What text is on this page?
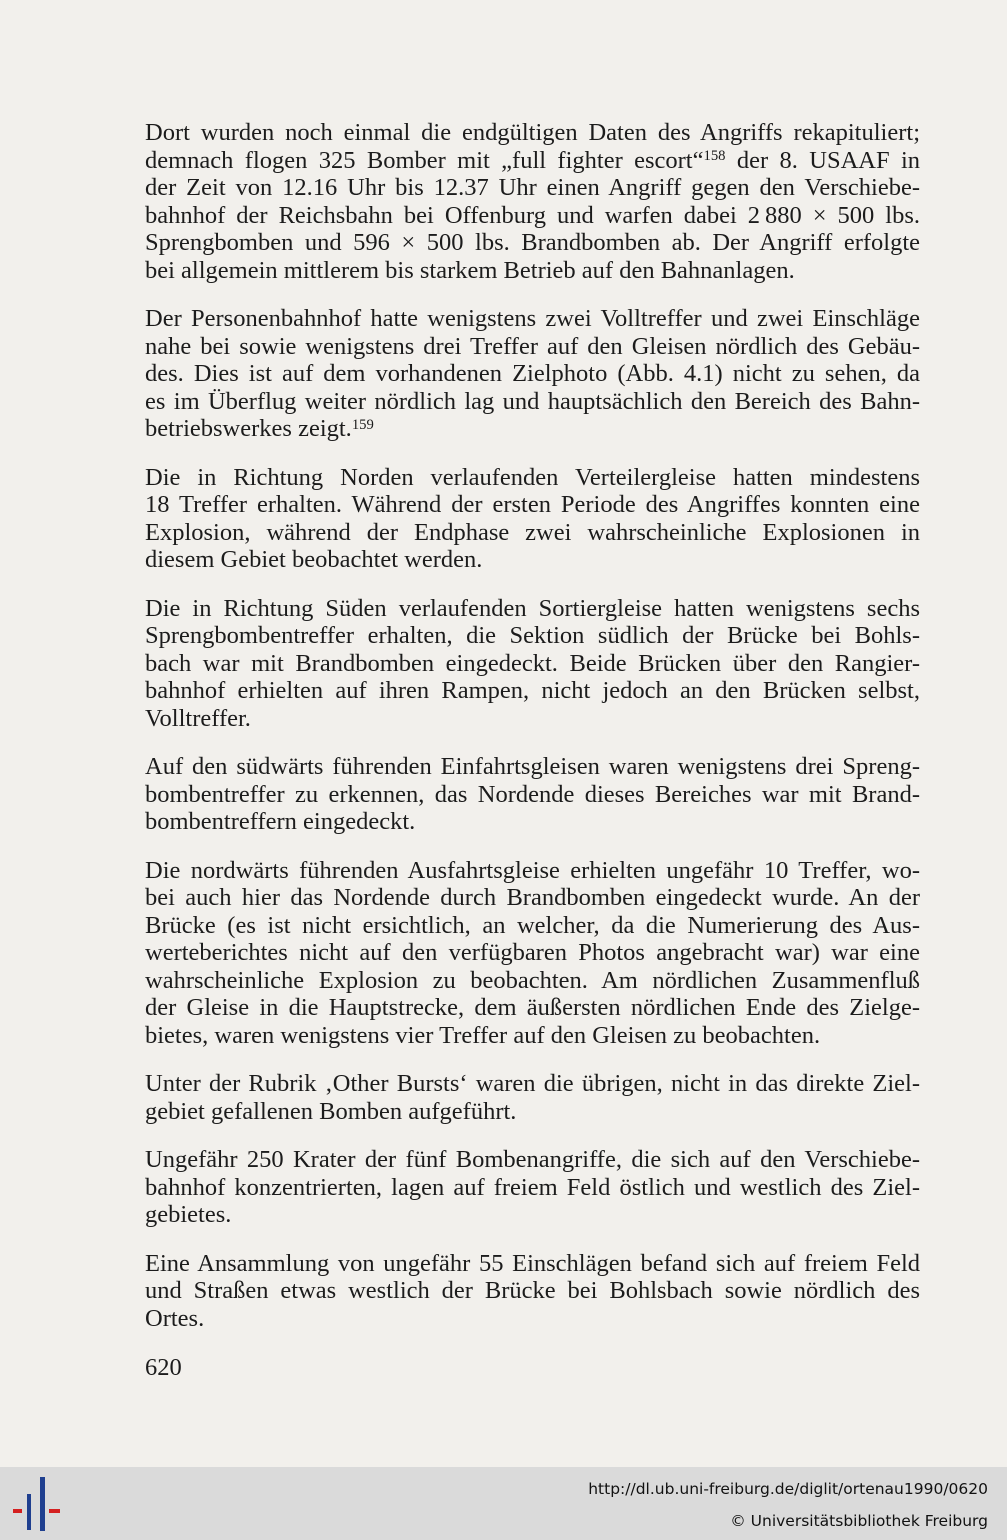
Dort wurden noch einmal die endgültigen Daten des Angriffs rekapituliert;
demnach flogen 325 Bomber mit „full fighter escort“$^{158}$ der 8. USAAF in
der Zeit von 12.16 Uhr bis 12.37 Uhr einen Angriff gegen den Verschiebe-
bahnhof der Reichsbahn bei Offenburg und warfen dabei 2 880 × 500 lbs.
Sprengbomben und 596 × 500 lbs. Brandbomben ab. Der Angriff erfolgte
bei allgemein mittlerem bis starkem Betrieb auf den Bahnanlagen.
Der Personenbahnhof hatte wenigstens zwei Volltreffer und zwei Einschläge
nahe bei sowie wenigstens drei Treffer auf den Gleisen nördlich des Gebäu-
des. Dies ist auf dem vorhandenen Zielphoto (Abb. 4.1) nicht zu sehen, da
es im Überflug weiter nördlich lag und hauptsächlich den Bereich des Bahn-
betriebswerkes zeigt.$^{159}$
Die in Richtung Norden verlaufenden Verteilergleise hatten mindestens
18 Treffer erhalten. Während der ersten Periode des Angriffes konnten eine
Explosion, während der Endphase zwei wahrscheinliche Explosionen in
diesem Gebiet beobachtet werden.
Die in Richtung Süden verlaufenden Sortiergleise hatten wenigstens sechs
Sprengbombentreffer erhalten, die Sektion südlich der Brücke bei Bohls-
bach war mit Brandbomben eingedeckt. Beide Brücken über den Rangier-
bahnhof erhielten auf ihren Rampen, nicht jedoch an den Brücken selbst,
Volltreffer.
Auf den südwärts führenden Einfahrtsgleisen waren wenigstens drei Spreng-
bombentreffer zu erkennen, das Nordende dieses Bereiches war mit Brand-
bombentreffern eingedeckt.
Die nordwärts führenden Ausfahrtsgleise erhielten ungefähr 10 Treffer, wo-
bei auch hier das Nordende durch Brandbomben eingedeckt wurde. An der
Brücke (es ist nicht ersichtlich, an welcher, da die Numerierung des Aus-
werteberichtes nicht auf den verfügbaren Photos angebracht war) war eine
wahrscheinliche Explosion zu beobachten. Am nördlichen Zusammenfluß
der Gleise in die Hauptstrecke, dem äußersten nördlichen Ende des Zielge-
bietes, waren wenigstens vier Treffer auf den Gleisen zu beobachten.
Unter der Rubrik ‚Other Bursts‘ waren die übrigen, nicht in das direkte Ziel-
gebiet gefallenen Bomben aufgeführt.
Ungefähr 250 Krater der fünf Bombenangriffe, die sich auf den Verschiebe-
bahnhof konzentrierten, lagen auf freiem Feld östlich und westlich des Ziel-
gebietes.
Eine Ansammlung von ungefähr 55 Einschlägen befand sich auf freiem Feld
und Straßen etwas westlich der Brücke bei Bohlsbach sowie nördlich des
Ortes.
620
http://dl.ub.uni-freiburg.de/diglit/ortenau1990/0620
© Universitätsbibliothek Freiburg
